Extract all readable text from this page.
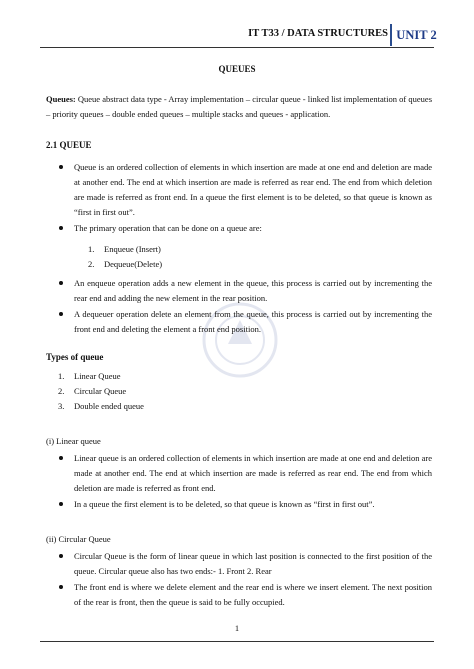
IT T33 / DATA STRUCTURES UNIT 2
QUEUES
Queues: Queue abstract data type - Array implementation – circular queue - linked list implementation of queues – priority queues – double ended queues – multiple stacks and queues - application.
2.1 QUEUE
Queue is an ordered collection of elements in which insertion are made at one end and deletion are made at another end. The end at which insertion are made is referred as rear end. The end from which deletion are made is referred as front end. In a queue the first element is to be deleted, so that queue is known as “first in first out”.
The primary operation that can be done on a queue are:
1. Enqueue (Insert)
2. Dequeue(Delete)
An enqueue operation adds a new element in the queue, this process is carried out by incrementing the rear end and adding the new element in the rear position.
A dequeuer operation delete an element from the queue, this process is carried out by incrementing the front end and deleting the element a front end position.
Types of queue
1. Linear Queue
2. Circular Queue
3. Double ended queue
(i) Linear queue
Linear queue is an ordered collection of elements in which insertion are made at one end and deletion are made at another end. The end at which insertion are made is referred as rear end. The end from which deletion are made is referred as front end.
In a queue the first element is to be deleted, so that queue is known as “first in first out”.
(ii) Circular Queue
Circular Queue is the form of linear queue in which last position is connected to the first position of the queue. Circular queue also has two ends:- 1. Front 2. Rear
The front end is where we delete element and the rear end is where we insert element. The next position of the rear is front, then the queue is said to be fully occupied.
1
